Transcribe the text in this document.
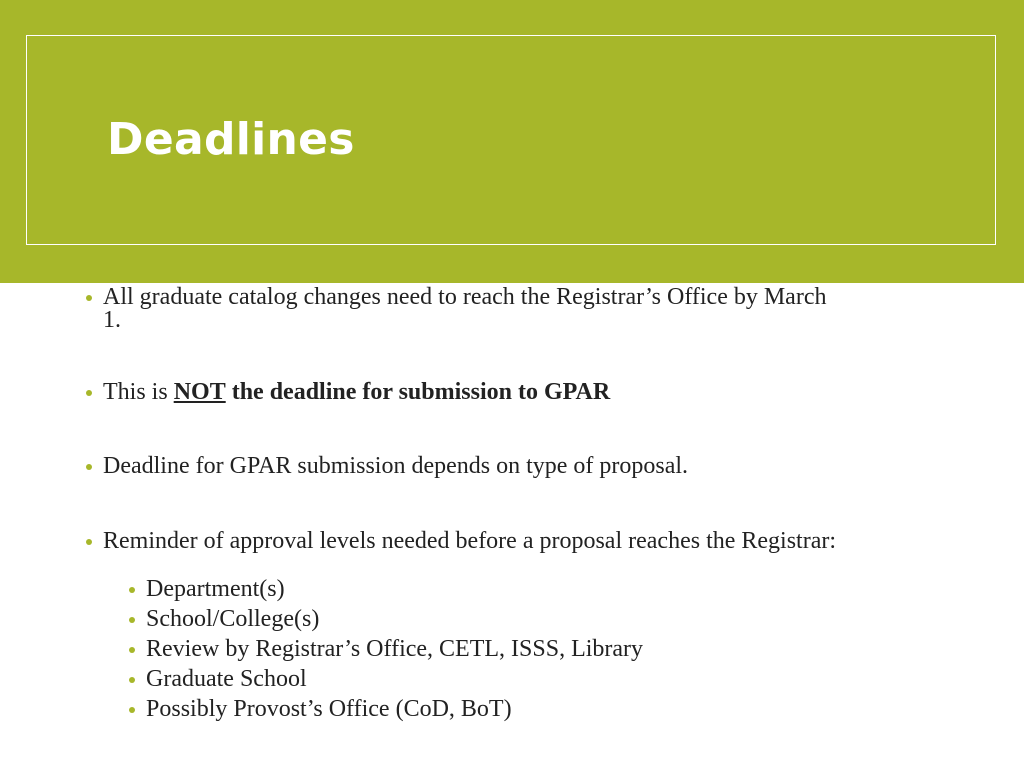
Deadlines
All graduate catalog changes need to reach the Registrar’s Office by March 1.
This is NOT the deadline for submission to GPAR
Deadline for GPAR submission depends on type of proposal.
Reminder of approval levels needed before a proposal reaches the Registrar:
Department(s)
School/College(s)
Review by Registrar’s Office, CETL, ISSS, Library
Graduate School
Possibly Provost’s Office (CoD, BoT)
